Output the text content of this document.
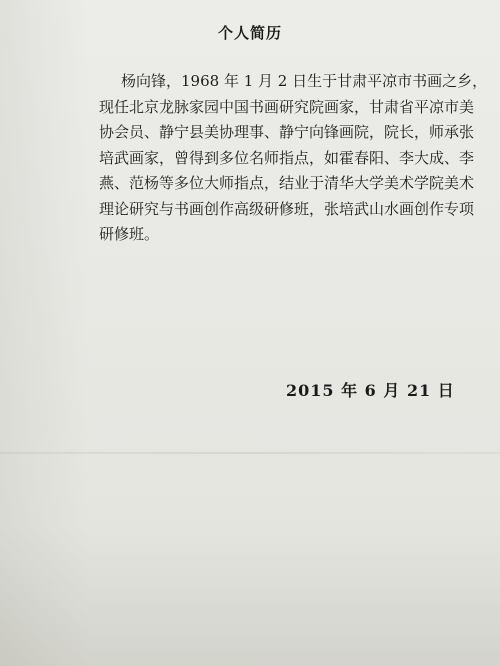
个人简历
杨向锋，1968 年 1 月 2 日生于甘肃平凉市书画之乡，
现任北京龙脉家园中国书画研究院画家，甘肃省平凉市美
协会员、静宁县美协理事、静宁向锋画院，院长，师承张
培武画家，曾得到多位名师指点，如霍春阳、李大成、李
燕、范杨等多位大师指点，结业于清华大学美术学院美术
理论研究与书画创作高级研修班，张培武山水画创作专项
研修班。
2015 年 6 月 21 日
